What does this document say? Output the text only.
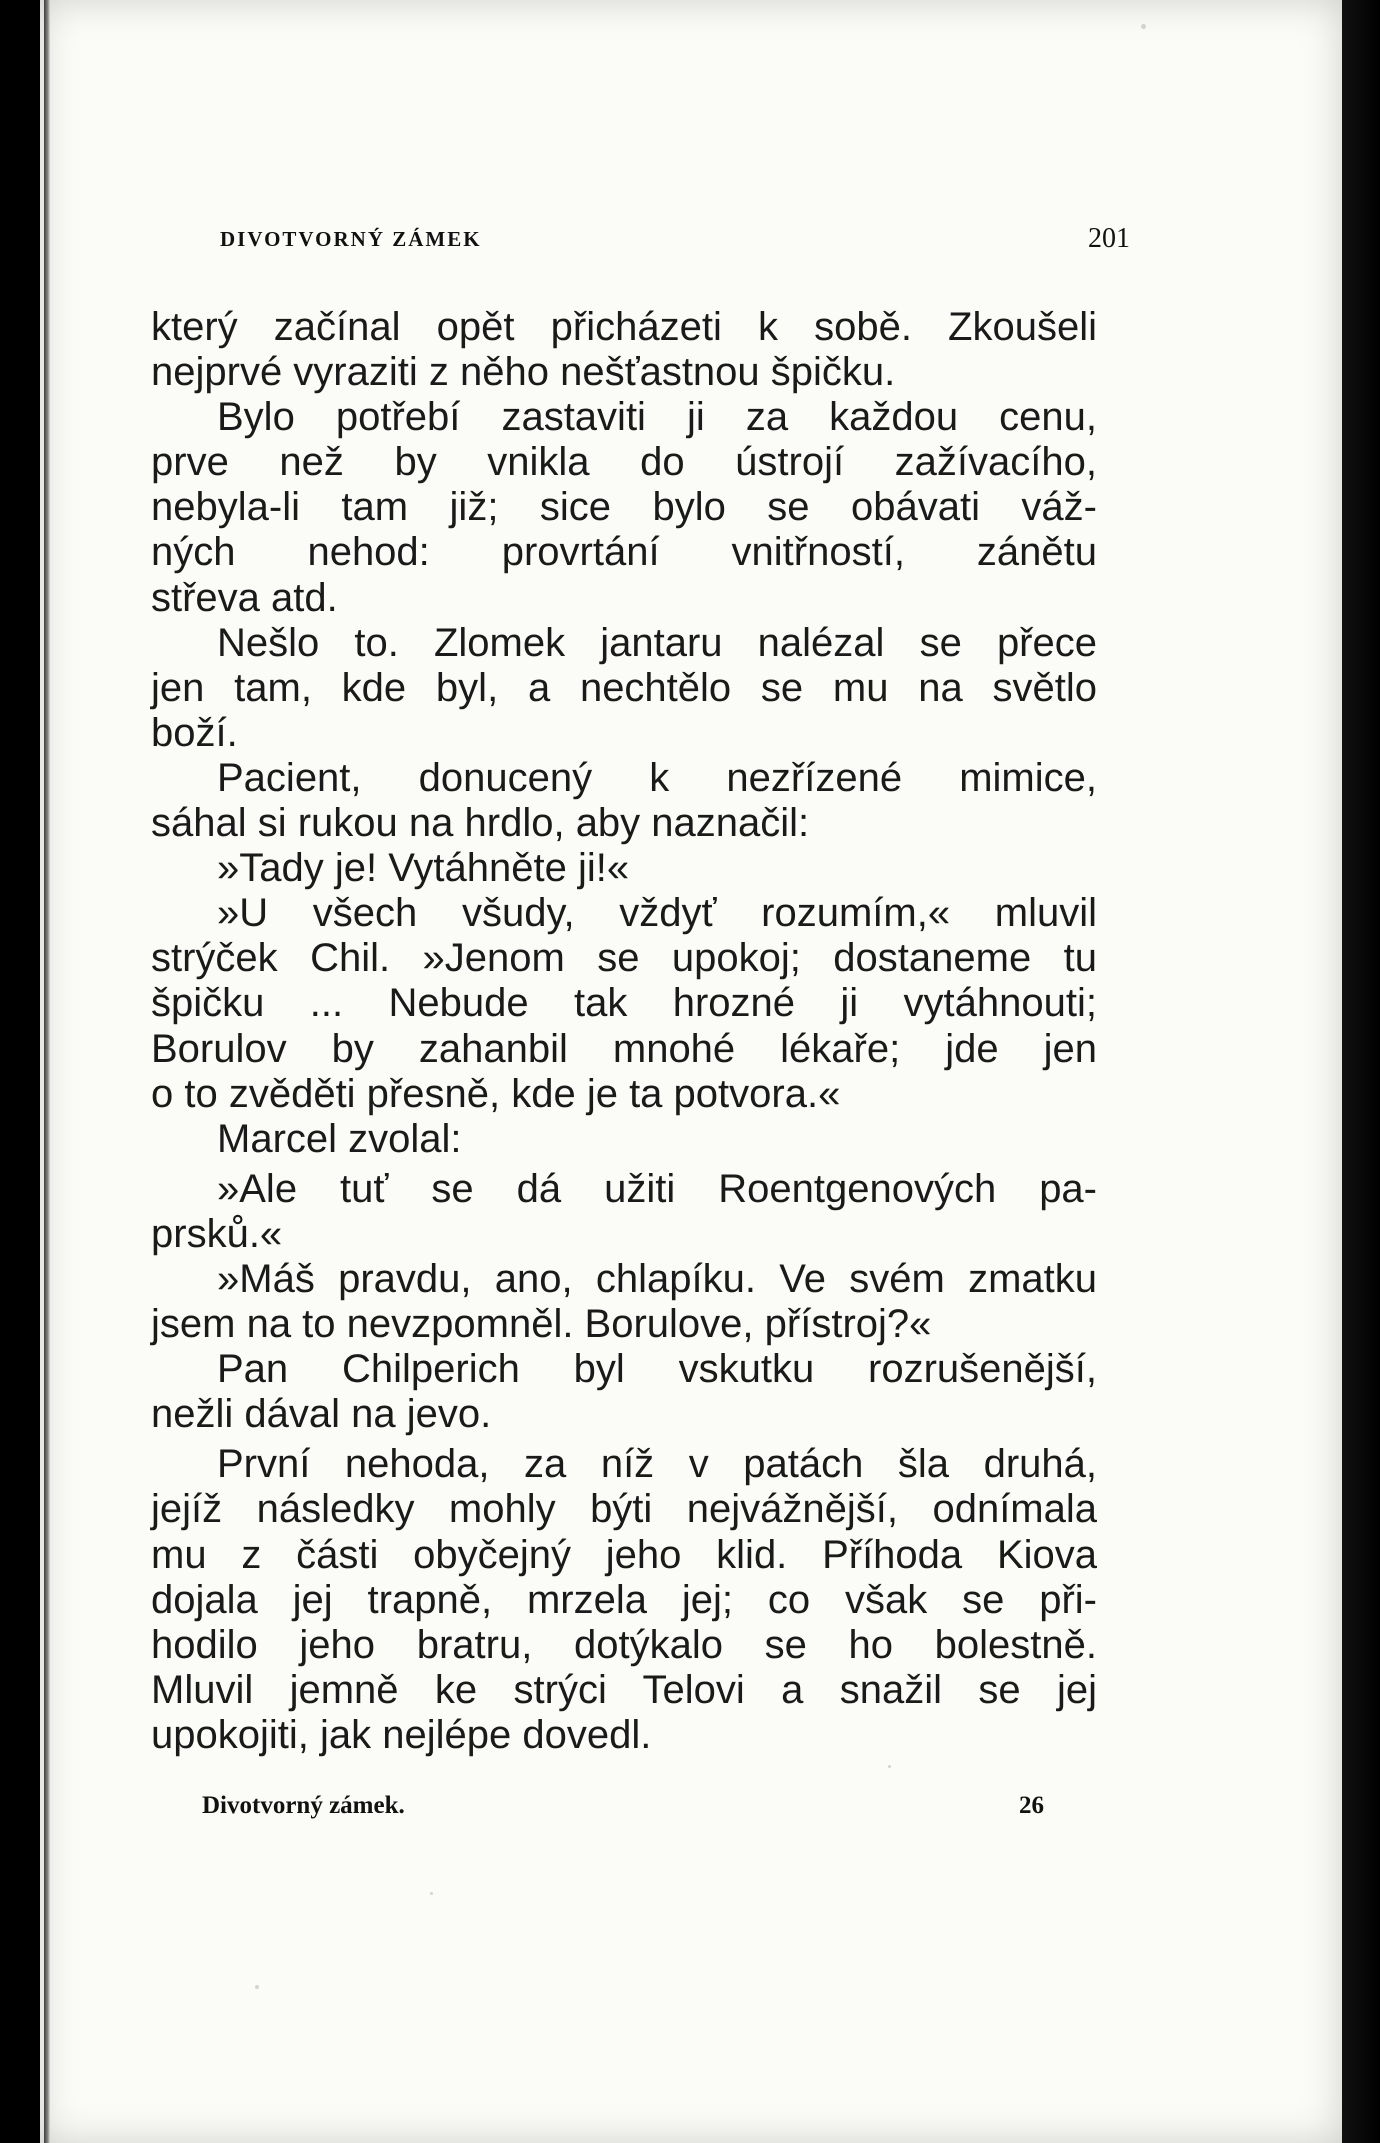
DIVOTVORNÝ ZÁMEK	201
který začínal opět přicházeti k sobě. Zkoušeli
nejprvé vyraziti z něho nešťastnou špičku.
Bylo potřebí zastaviti ji za každou cenu,
prve než by vnikla do ústrojí zažívacího,
nebyla-li tam již; sice bylo se obávati váž-
ných nehod: provrtání vnitřností, zánětu
střeva atd.
Nešlo to. Zlomek jantaru nalézal se přece
jen tam, kde byl, a nechtělo se mu na světlo
boží.
Pacient, donucený k nezřízené mimice,
sáhal si rukou na hrdlo, aby naznačil:
»Tady je! Vytáhněte ji!«
»U všech všudy, vždyť rozumím,« mluvil
strýček Chil. »Jenom se upokoj; dostaneme tu
špičku ... Nebude tak hrozné ji vytáhnouti;
Borulov by zahanbil mnohé lékaře; jde jen
o to zvěděti přesně, kde je ta potvora.«
Marcel zvolal:
»Ale tuť se dá užiti Roentgenových pa-
prsků.«
»Máš pravdu, ano, chlapíku. Ve svém zmatku
jsem na to nevzpomněl. Borulove, přístroj?«
Pan Chilperich byl vskutku rozrušenější,
nežli dával na jevo.
První nehoda, za níž v patách šla druhá,
jejíž následky mohly býti nejvážnější, odnímala
mu z části obyčejný jeho klid. Příhoda Kiova
dojala jej trapně, mrzela jej; co však se při-
hodilo jeho bratru, dotýkalo se ho bolestně.
Mluvil jemně ke strýci Telovi a snažil se jej
upokojiti, jak nejlépe dovedl.
Divotvorný zámek.	26
